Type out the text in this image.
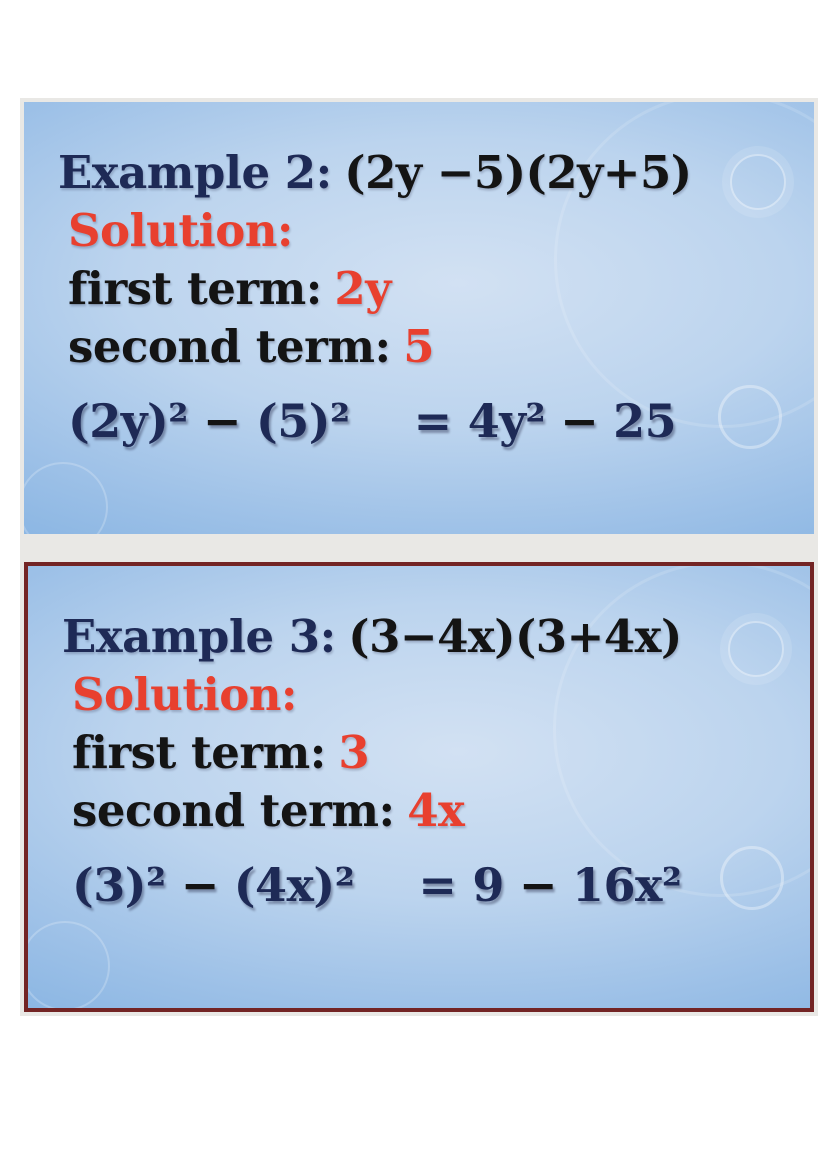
Example 2: (2y −5)(2y+5)
Solution:
first term: 2y
second term: 5
(2y)² − (5)² = 4y² − 25
Example 3: (3−4x)(3+4x)
Solution:
first term: 3
second term: 4x
(3)² − (4x)² = 9 − 16x²
